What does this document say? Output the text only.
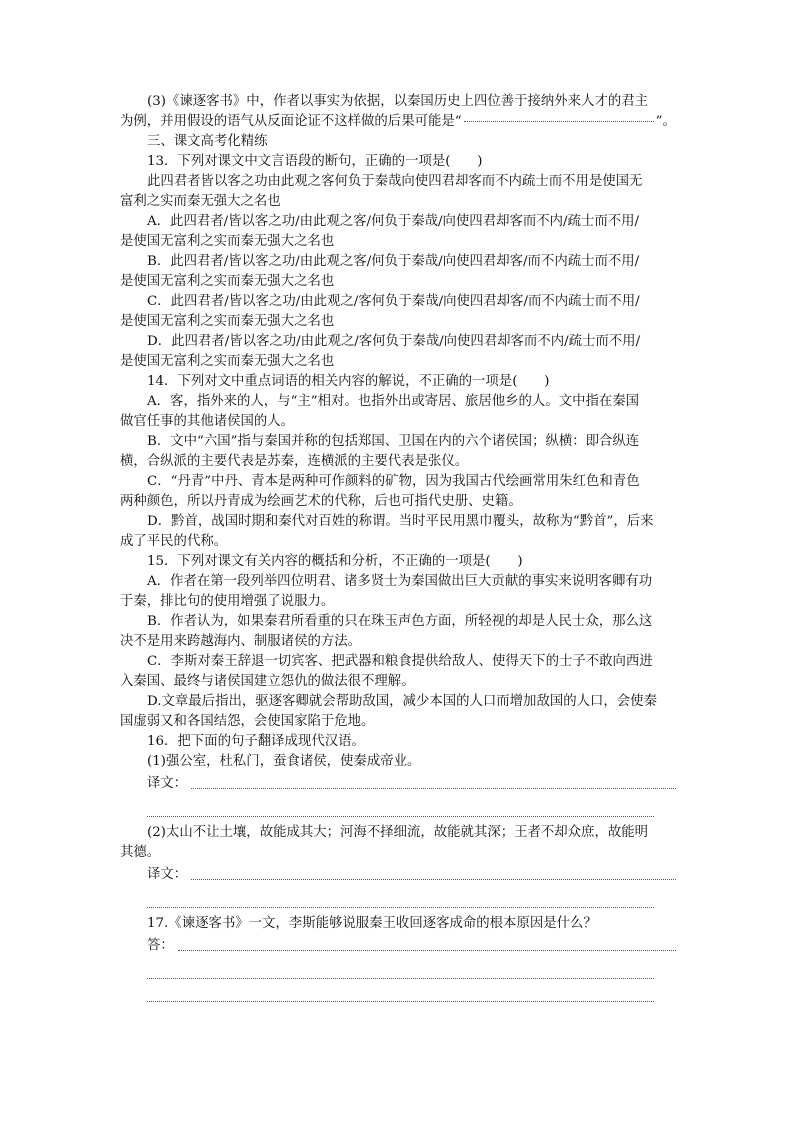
(3)《谏逐客书》中，作者以事实为依据，以秦国历史上四位善于接纳外来人才的君主
为例，并用假设的语气从反面论证不这样做的后果可能是“	”。
三、课文高考化精练
13．下列对课文中文言语段的断句，正确的一项是(　　)
此四君者皆以客之功由此观之客何负于秦哉向使四君却客而不内疏士而不用是使国无
富利之实而秦无强大之名也
A．此四君者/皆以客之功/由此观之客/何负于秦哉/向使四君却客而不内/疏士而不用/
是使国无富利之实而秦无强大之名也
B．此四君者/皆以客之功/由此观之客/何负于秦哉/向使四君却客/而不内疏士而不用/
是使国无富利之实而秦无强大之名也
C．此四君者/皆以客之功/由此观之/客何负于秦哉/向使四君却客/而不内疏士而不用/
是使国无富利之实而秦无强大之名也
D．此四君者/皆以客之功/由此观之/客何负于秦哉/向使四君却客而不内/疏士而不用/
是使国无富利之实而秦无强大之名也
14．下列对文中重点词语的相关内容的解说，不正确的一项是(　　)
A．客，指外来的人，与“主”相对。也指外出或寄居、旅居他乡的人。文中指在秦国
做官任事的其他诸侯国的人。
B．文中“六国”指与秦国并称的包括郑国、卫国在内的六个诸侯国；纵横：即合纵连
横，合纵派的主要代表是苏秦，连横派的主要代表是张仪。
C．“丹青”中丹、青本是两种可作颜料的矿物，因为我国古代绘画常用朱红色和青色
两种颜色，所以丹青成为绘画艺术的代称，后也可指代史册、史籍。
D．黔首，战国时期和秦代对百姓的称谓。当时平民用黑巾覆头，故称为“黔首”，后来
成了平民的代称。
15．下列对课文有关内容的概括和分析，不正确的一项是(　　)
A．作者在第一段列举四位明君、诸多贤士为秦国做出巨大贡献的事实来说明客卿有功
于秦，排比句的使用增强了说服力。
B．作者认为，如果秦君所看重的只在珠玉声色方面，所轻视的却是人民士众，那么这
决不是用来跨越海内、制服诸侯的方法。
C．李斯对秦王辞退一切宾客、把武器和粮食提供给敌人、使得天下的士子不敢向西进
入秦国、最终与诸侯国建立怨仇的做法很不理解。
D.文章最后指出，驱逐客卿就会帮助敌国，减少本国的人口而增加敌国的人口，会使秦
国虚弱又和各国结怨，会使国家陷于危地。
16．把下面的句子翻译成现代汉语。
(1)强公室，杜私门，蚕食诸侯，使秦成帝业。
译文：
(2)太山不让土壤，故能成其大；河海不择细流，故能就其深；王者不却众庶，故能明
其德。
译文：
17.《谏逐客书》一文，李斯能够说服秦王收回逐客成命的根本原因是什么？
答：
